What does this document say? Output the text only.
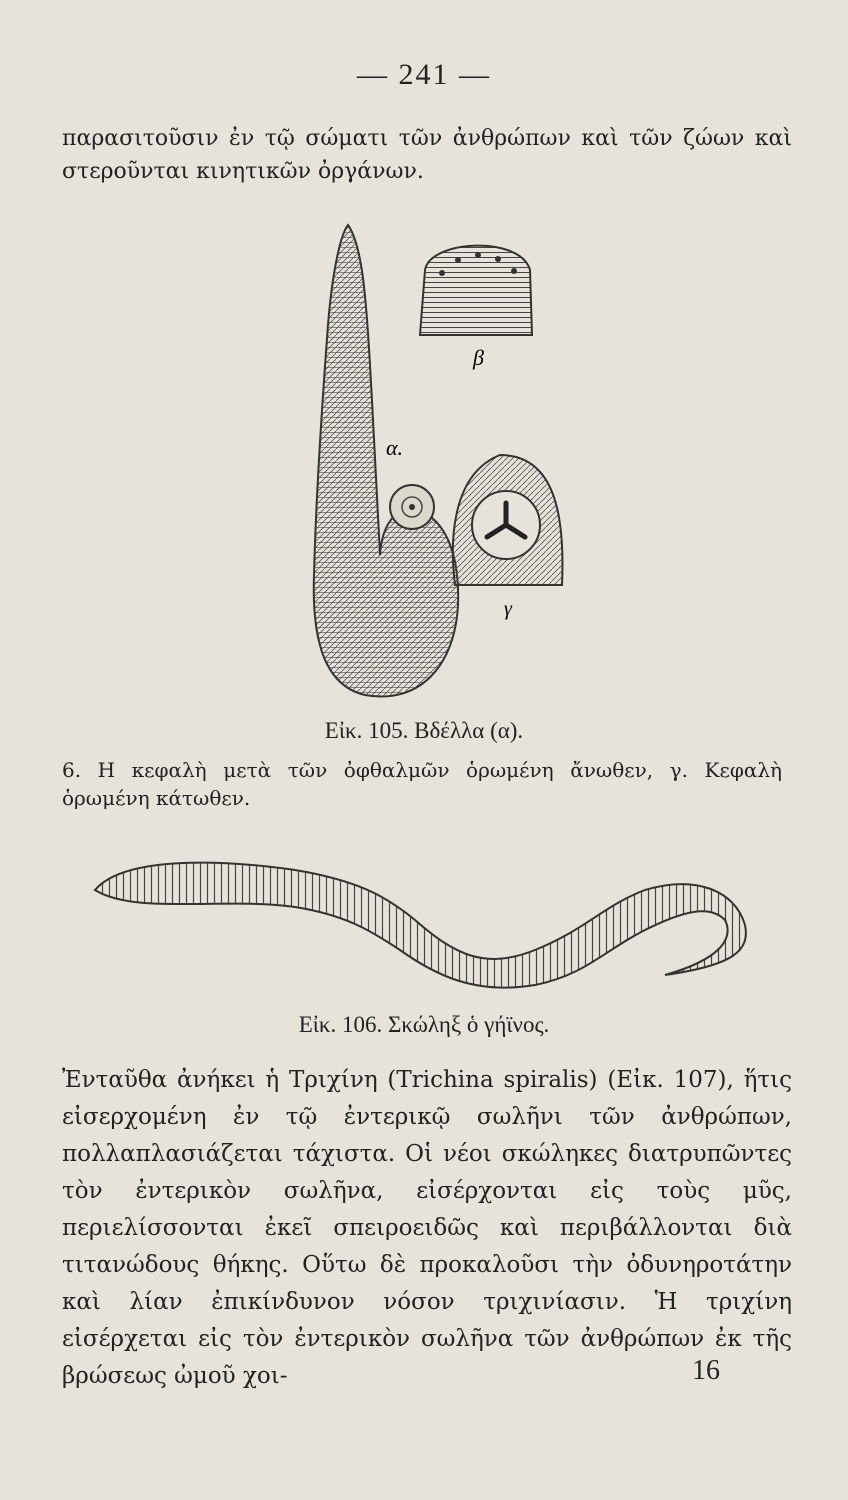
— 241 —
παρασιτοῦσιν ἐν τῷ σώματι τῶν ἀνθρώπων καὶ τῶν ζώων καὶ στεροῦνται κινητικῶν ὀργάνων.
α.
β
γ
Εἰκ. 105. Βδέλλα (α).
6. Η κεφαλὴ μετὰ τῶν ὀφθαλμῶν ὁρωμένη ἄνωθεν, γ. Κεφαλὴ ὁρωμένη κάτωθεν.
Εἰκ. 106. Σκώληξ ὁ γήϊνος.
Ἐνταῦθα ἀνήκει ἡ Τριχίνη (Trichina spiralis) (Εἰκ. 107), ἥτις εἰσερχομένη ἐν τῷ ἐντερικῷ σωλῆνι τῶν ἀνθρώπων, πολλαπλασιάζεται τάχιστα. Οἱ νέοι σκώληκες διατρυπῶντες τὸν ἐντερικὸν σωλῆνα, εἰσέρχονται εἰς τοὺς μῦς, περιελίσσονται ἐκεῖ σπειροειδῶς καὶ περιβάλλονται διὰ τιτανώδους θήκης. Οὕτω δὲ προκαλοῦσι τὴν ὀδυνηροτάτην καὶ λίαν ἐπικίνδυνον νόσον τριχινίασιν. Ἡ τριχίνη εἰσέρχεται εἰς τὸν ἐντερικὸν σωλῆνα τῶν ἀνθρώπων ἐκ τῆς βρώσεως ὠμοῦ χοι-	16
